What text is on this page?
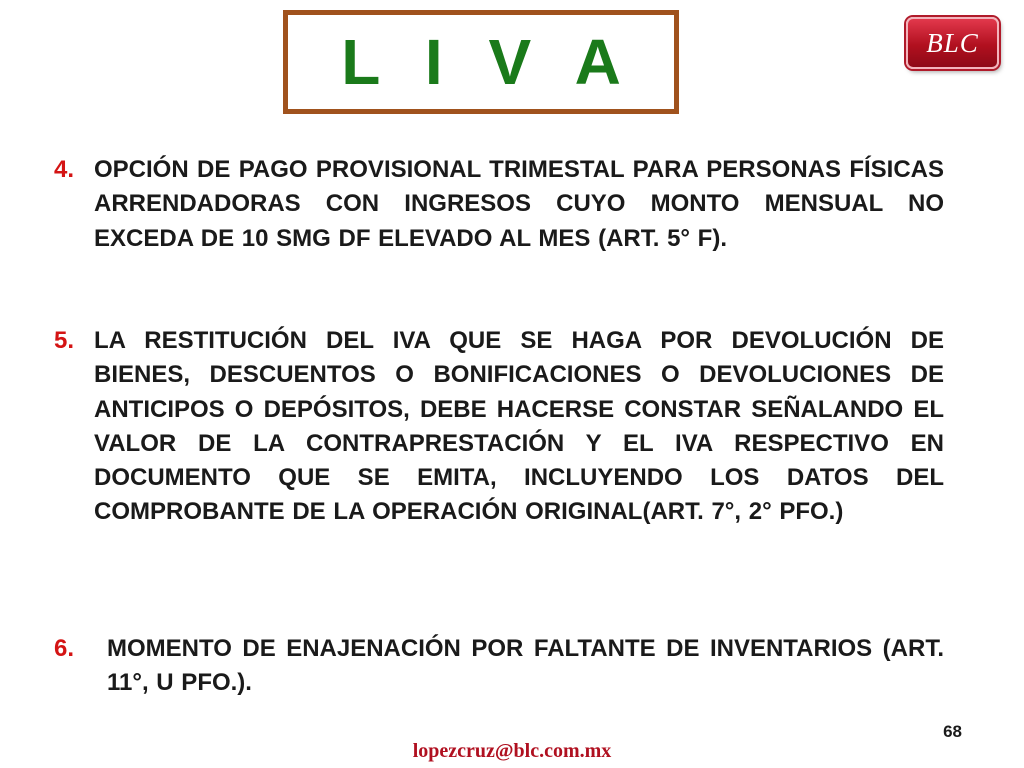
L I V A	BLC
4. OPCIÓN DE PAGO PROVISIONAL TRIMESTAL PARA PERSONAS FÍSICAS ARRENDADORAS CON INGRESOS CUYO MONTO MENSUAL NO EXCEDA DE 10 SMG DF ELEVADO AL MES (ART. 5° F).
5. LA RESTITUCIÓN DEL IVA QUE SE HAGA POR DEVOLUCIÓN DE BIENES, DESCUENTOS O BONIFICACIONES O DEVOLUCIONES DE ANTICIPOS O DEPÓSITOS, DEBE HACERSE CONSTAR SEÑALANDO EL VALOR DE LA CONTRAPRESTACIÓN Y EL IVA RESPECTIVO EN DOCUMENTO QUE SE EMITA, INCLUYENDO LOS DATOS DEL COMPROBANTE DE LA OPERACIÓN ORIGINAL(ART. 7°, 2° PFO.)
6.	MOMENTO DE ENAJENACIÓN POR FALTANTE DE INVENTARIOS (ART. 11°, U PFO.).
68
lopezcruz@blc.com.mx
